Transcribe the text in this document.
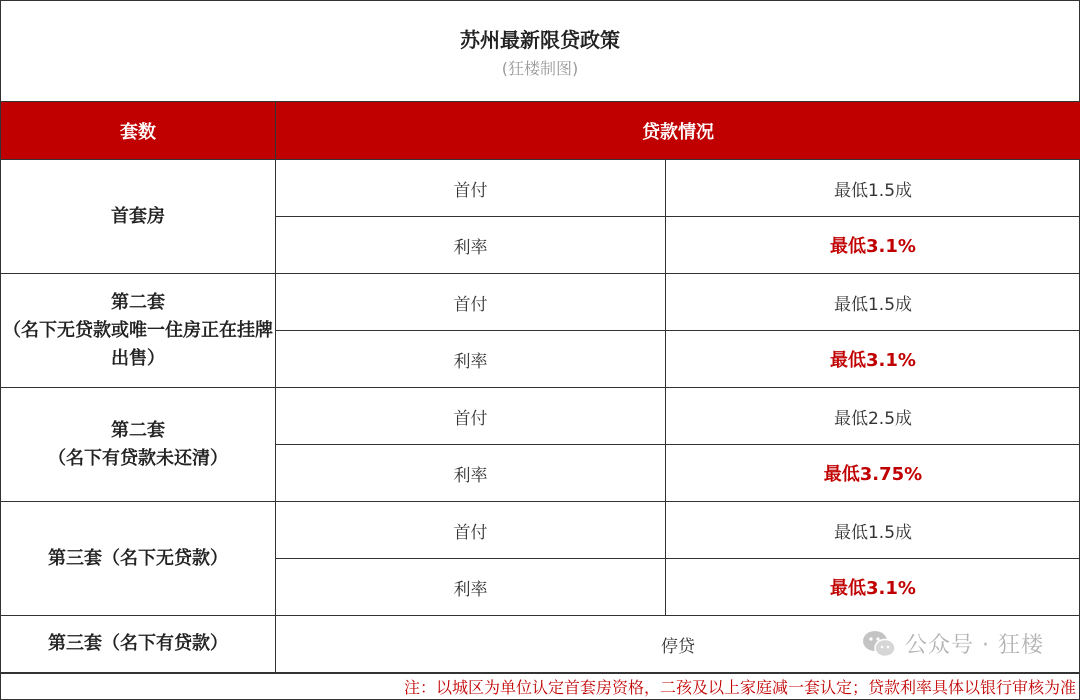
苏州最新限贷政策
(狂楼制图)
套数	贷款情况	

首套房	首付	最低1.5成
	利率	最低3.1%

第二套
（名下无贷款或唯一住房正在挂牌出售）	首付	最低1.5成
	利率	最低3.1%

第二套
（名下有贷款未还清）	首付	最低2.5成
	利率	最低3.75%

第三套（名下无贷款）	首付	最低1.5成
	利率	最低3.1%
第三套（名下有贷款）	停贷		公众号 · 狂楼
注：以城区为单位认定首套房资格，二孩及以上家庭减一套认定；贷款利率具体以银行审核为准
